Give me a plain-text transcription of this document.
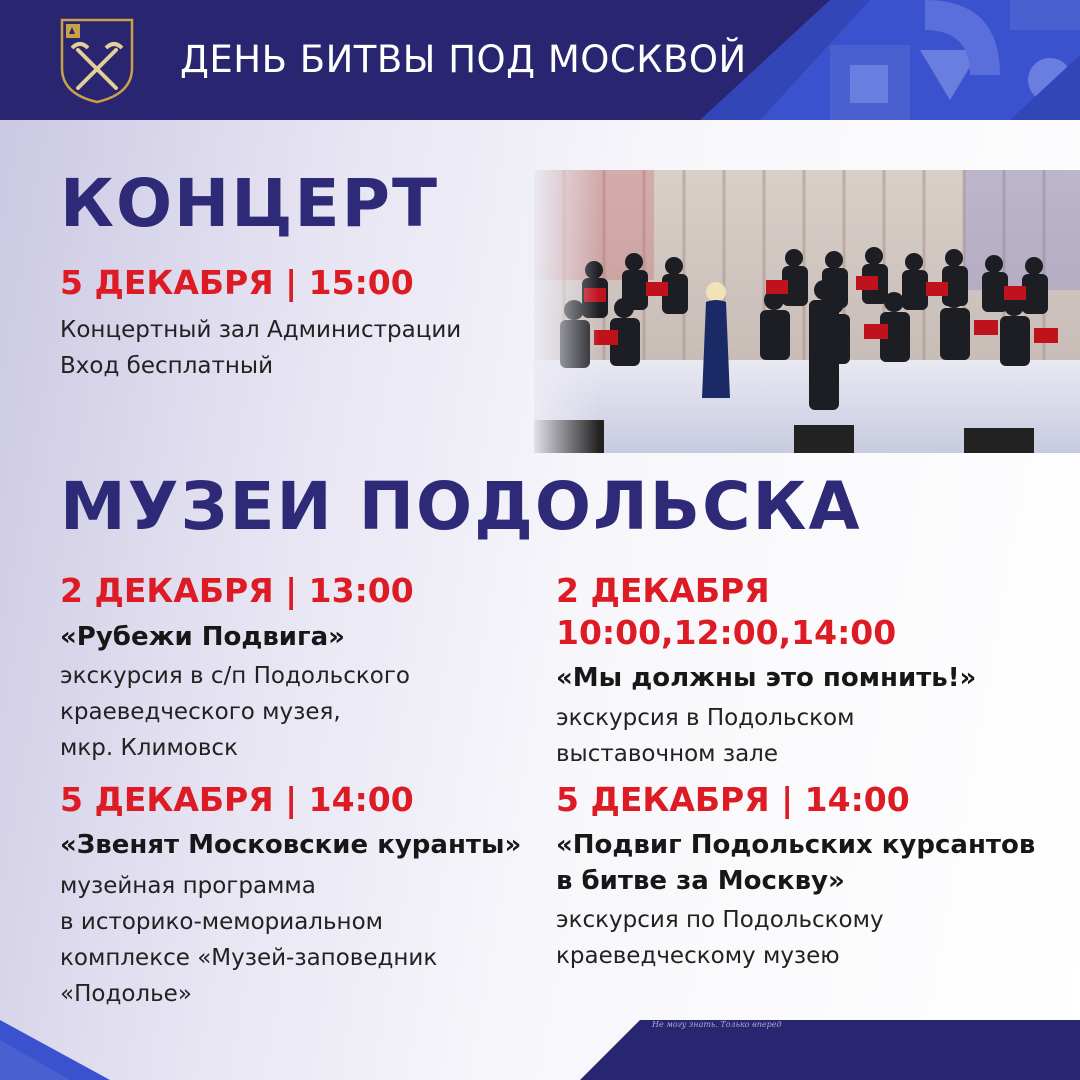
ДЕНЬ БИТВЫ ПОД МОСКВОЙ
КОНЦЕРТ
5 ДЕКАБРЯ | 15:00
Концертный зал Администрации
Вход бесплатный
МУЗЕИ ПОДОЛЬСКА
2 ДЕКАБРЯ | 13:00
«Рубежи Подвига»
экскурсия в с/п Подольского
краеведческого музея,
мкр. Климовск
2 ДЕКАБРЯ
10:00,12:00,14:00
«Мы должны это помнить!»
экскурсия в Подольском
выставочном зале
5 ДЕКАБРЯ | 14:00
«Звенят Московские куранты»
музейная программа
в историко-мемориальном
комплексе «Музей-заповедник
«Подолье»
5 ДЕКАБРЯ | 14:00
«Подвиг Подольских курсантов
в битве за Москву»
экскурсия по Подольскому
краеведческому музею
Не могу знать. Только вперед
